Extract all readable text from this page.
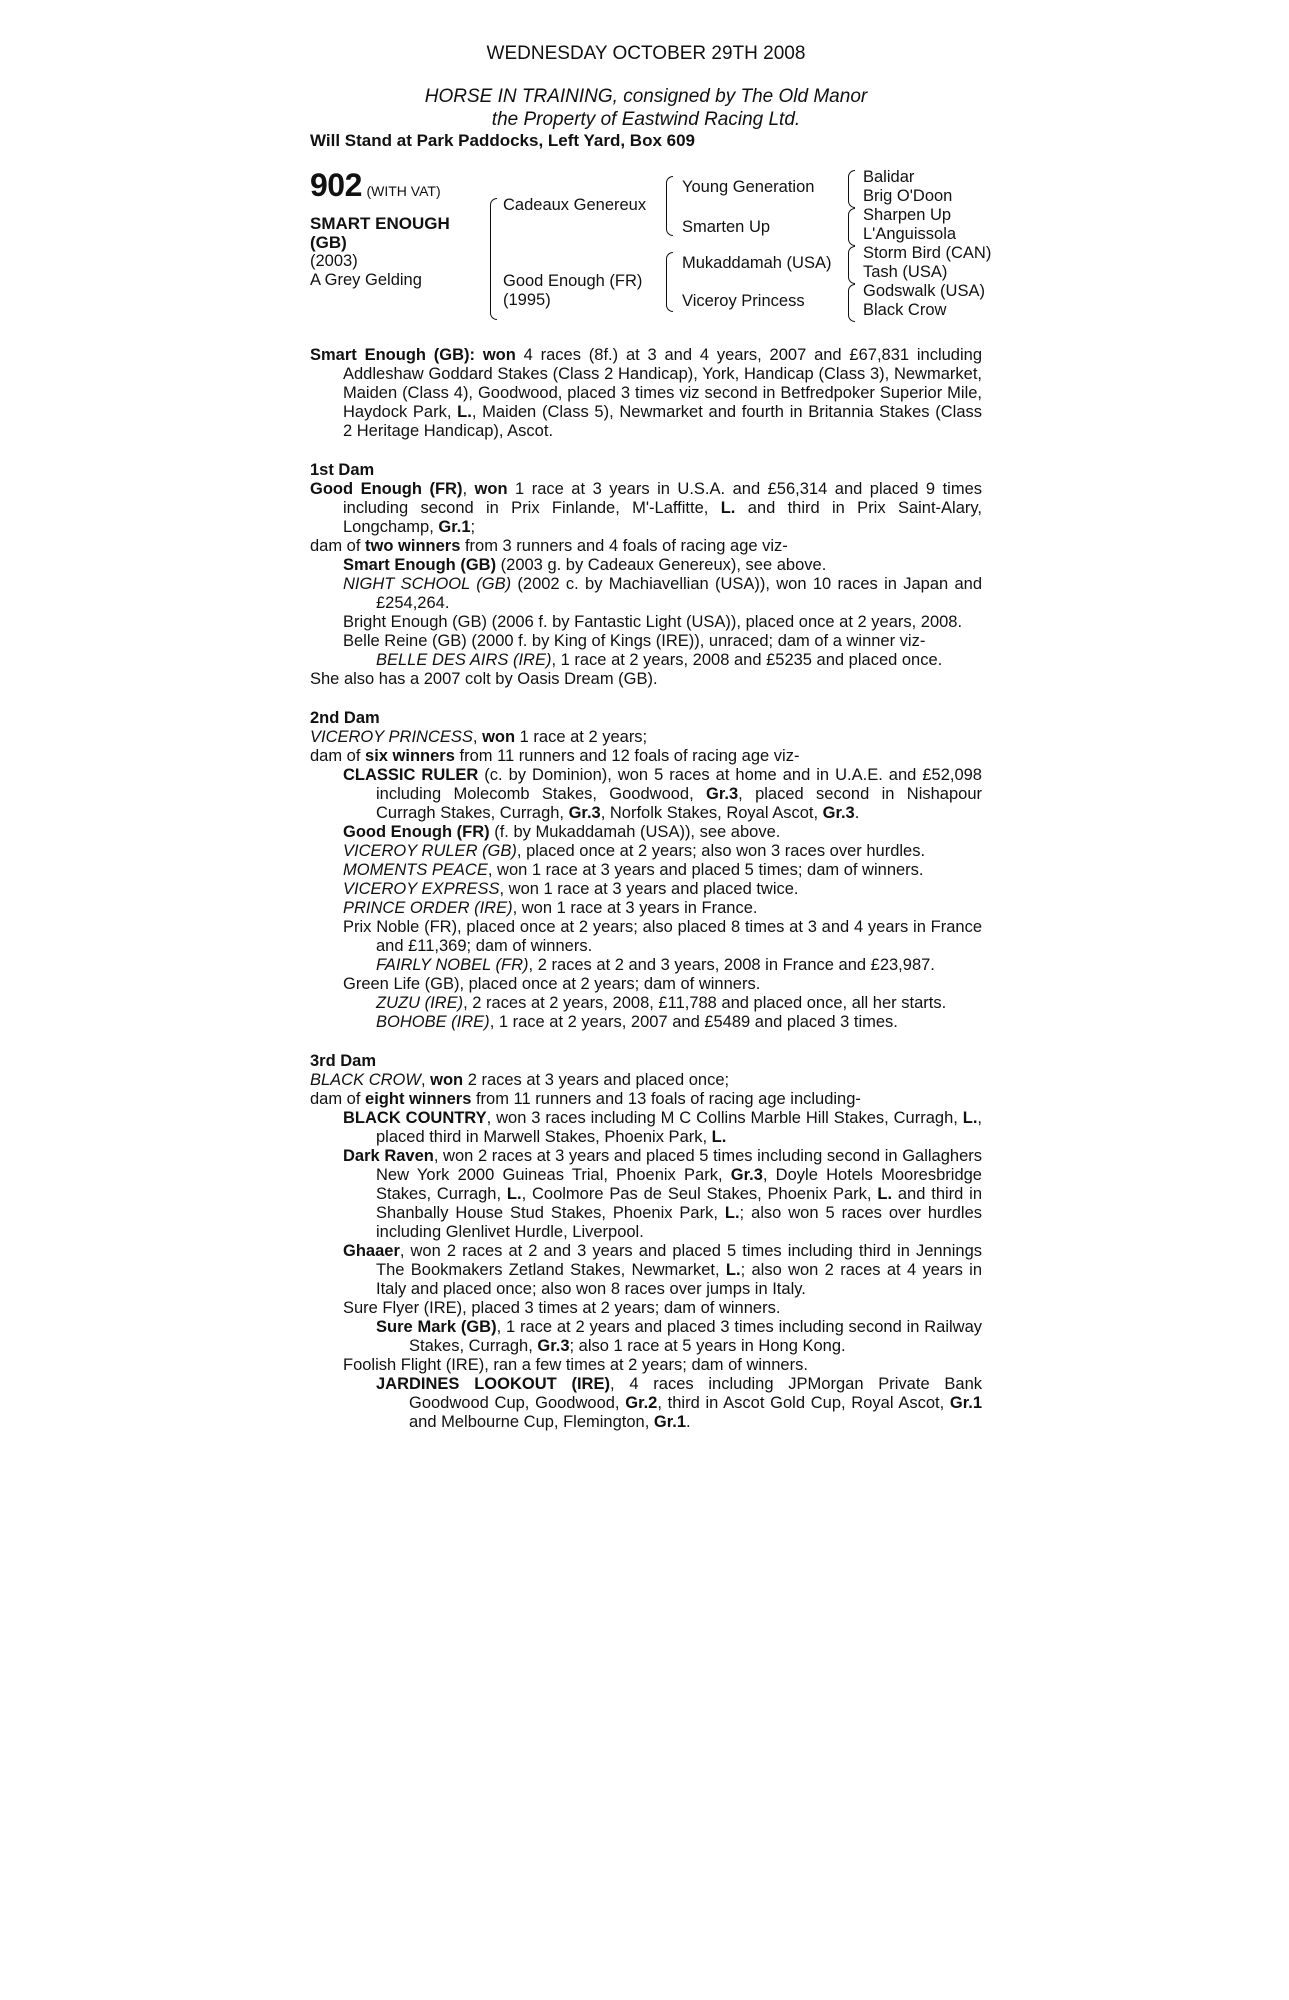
WEDNESDAY OCTOBER 29TH 2008
HORSE IN TRAINING, consigned by The Old Manor
the Property of Eastwind Racing Ltd.
Will Stand at Park Paddocks, Left Yard, Box 609
902 (WITH VAT)
SMART ENOUGH
(GB)
(2003)
A Grey Gelding
Cadeaux Genereux
Good Enough (FR)
(1995)
Young Generation
Smarten Up
Mukaddamah (USA)
Viceroy Princess
Balidar
Brig O'Doon
Sharpen Up
L'Anguissola
Storm Bird (CAN)
Tash (USA)
Godswalk (USA)
Black Crow
Smart Enough (GB): won 4 races (8f.) at 3 and 4 years, 2007 and £67,831 including Addleshaw Goddard Stakes (Class 2 Handicap), York, Handicap (Class 3), Newmarket, Maiden (Class 4), Goodwood, placed 3 times viz second in Betfredpoker Superior Mile, Haydock Park, L., Maiden (Class 5), Newmarket and fourth in Britannia Stakes (Class 2 Heritage Handicap), Ascot.
1st Dam
Good Enough (FR), won 1 race at 3 years in U.S.A. and £56,314 and placed 9 times including second in Prix Finlande, M'-Laffitte, L. and third in Prix Saint-Alary, Longchamp, Gr.1;
dam of two winners from 3 runners and 4 foals of racing age viz-
Smart Enough (GB) (2003 g. by Cadeaux Genereux), see above.
NIGHT SCHOOL (GB) (2002 c. by Machiavellian (USA)), won 10 races in Japan and £254,264.
Bright Enough (GB) (2006 f. by Fantastic Light (USA)), placed once at 2 years, 2008.
Belle Reine (GB) (2000 f. by King of Kings (IRE)), unraced; dam of a winner viz-
BELLE DES AIRS (IRE), 1 race at 2 years, 2008 and £5235 and placed once.
She also has a 2007 colt by Oasis Dream (GB).
2nd Dam
VICEROY PRINCESS, won 1 race at 2 years;
dam of six winners from 11 runners and 12 foals of racing age viz-
CLASSIC RULER (c. by Dominion), won 5 races at home and in U.A.E. and £52,098 including Molecomb Stakes, Goodwood, Gr.3, placed second in Nishapour Curragh Stakes, Curragh, Gr.3, Norfolk Stakes, Royal Ascot, Gr.3.
Good Enough (FR) (f. by Mukaddamah (USA)), see above.
VICEROY RULER (GB), placed once at 2 years; also won 3 races over hurdles.
MOMENTS PEACE, won 1 race at 3 years and placed 5 times; dam of winners.
VICEROY EXPRESS, won 1 race at 3 years and placed twice.
PRINCE ORDER (IRE), won 1 race at 3 years in France.
Prix Noble (FR), placed once at 2 years; also placed 8 times at 3 and 4 years in France and £11,369; dam of winners.
FAIRLY NOBEL (FR), 2 races at 2 and 3 years, 2008 in France and £23,987.
Green Life (GB), placed once at 2 years; dam of winners.
ZUZU (IRE), 2 races at 2 years, 2008, £11,788 and placed once, all her starts.
BOHOBE (IRE), 1 race at 2 years, 2007 and £5489 and placed 3 times.
3rd Dam
BLACK CROW, won 2 races at 3 years and placed once;
dam of eight winners from 11 runners and 13 foals of racing age including-
BLACK COUNTRY, won 3 races including M C Collins Marble Hill Stakes, Curragh, L., placed third in Marwell Stakes, Phoenix Park, L.
Dark Raven, won 2 races at 3 years and placed 5 times including second in Gallaghers New York 2000 Guineas Trial, Phoenix Park, Gr.3, Doyle Hotels Mooresbridge Stakes, Curragh, L., Coolmore Pas de Seul Stakes, Phoenix Park, L. and third in Shanbally House Stud Stakes, Phoenix Park, L.; also won 5 races over hurdles including Glenlivet Hurdle, Liverpool.
Ghaaer, won 2 races at 2 and 3 years and placed 5 times including third in Jennings The Bookmakers Zetland Stakes, Newmarket, L.; also won 2 races at 4 years in Italy and placed once; also won 8 races over jumps in Italy.
Sure Flyer (IRE), placed 3 times at 2 years; dam of winners.
Sure Mark (GB), 1 race at 2 years and placed 3 times including second in Railway Stakes, Curragh, Gr.3; also 1 race at 5 years in Hong Kong.
Foolish Flight (IRE), ran a few times at 2 years; dam of winners.
JARDINES LOOKOUT (IRE), 4 races including JPMorgan Private Bank Goodwood Cup, Goodwood, Gr.2, third in Ascot Gold Cup, Royal Ascot, Gr.1 and Melbourne Cup, Flemington, Gr.1.
